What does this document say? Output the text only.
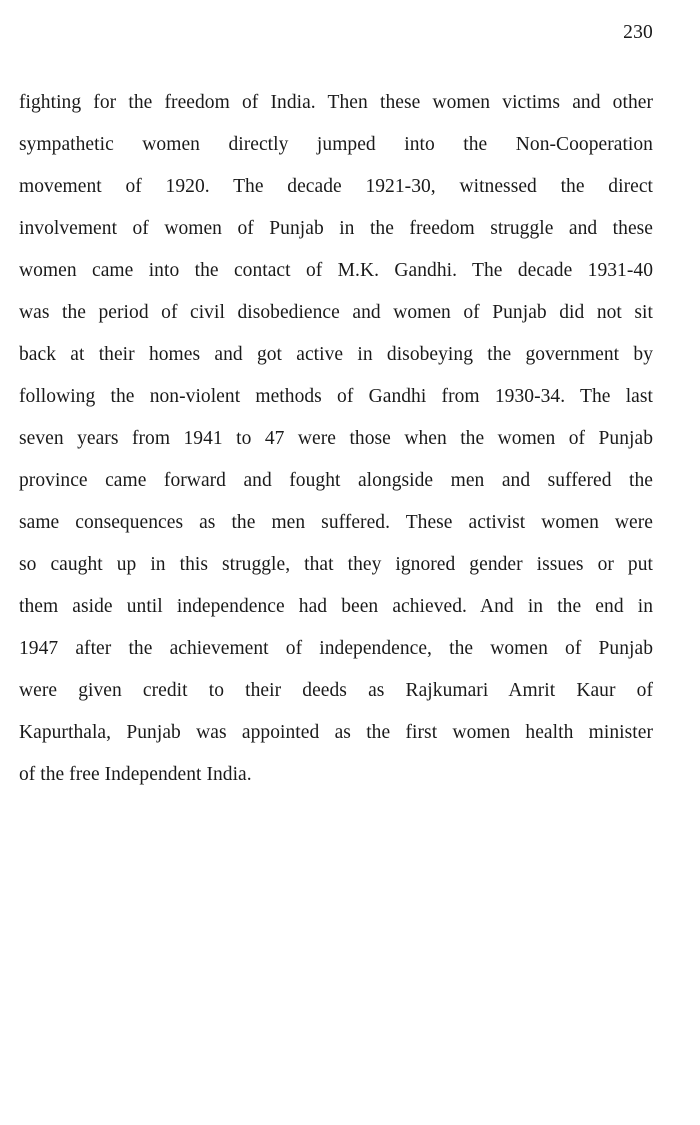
230
fighting for the freedom of India. Then these women victims and other
sympathetic women directly jumped into the Non-Cooperation
movement of 1920. The decade 1921-30, witnessed the direct
involvement of women of Punjab in the freedom struggle and these
women came into the contact of M.K. Gandhi. The decade 1931-40
was the period of civil disobedience and women of Punjab did not sit
back at their homes and got active in disobeying the government by
following the non-violent methods of Gandhi from 1930-34. The last
seven years from 1941 to 47 were those when the women of Punjab
province came forward and fought alongside men and suffered the
same consequences as the men suffered. These activist women were
so caught up in this struggle, that they ignored gender issues or put
them aside until independence had been achieved. And in the end in
1947 after the achievement of independence, the women of Punjab
were given credit to their deeds as Rajkumari Amrit Kaur of
Kapurthala, Punjab was appointed as the first women health minister
of the free Independent India.
